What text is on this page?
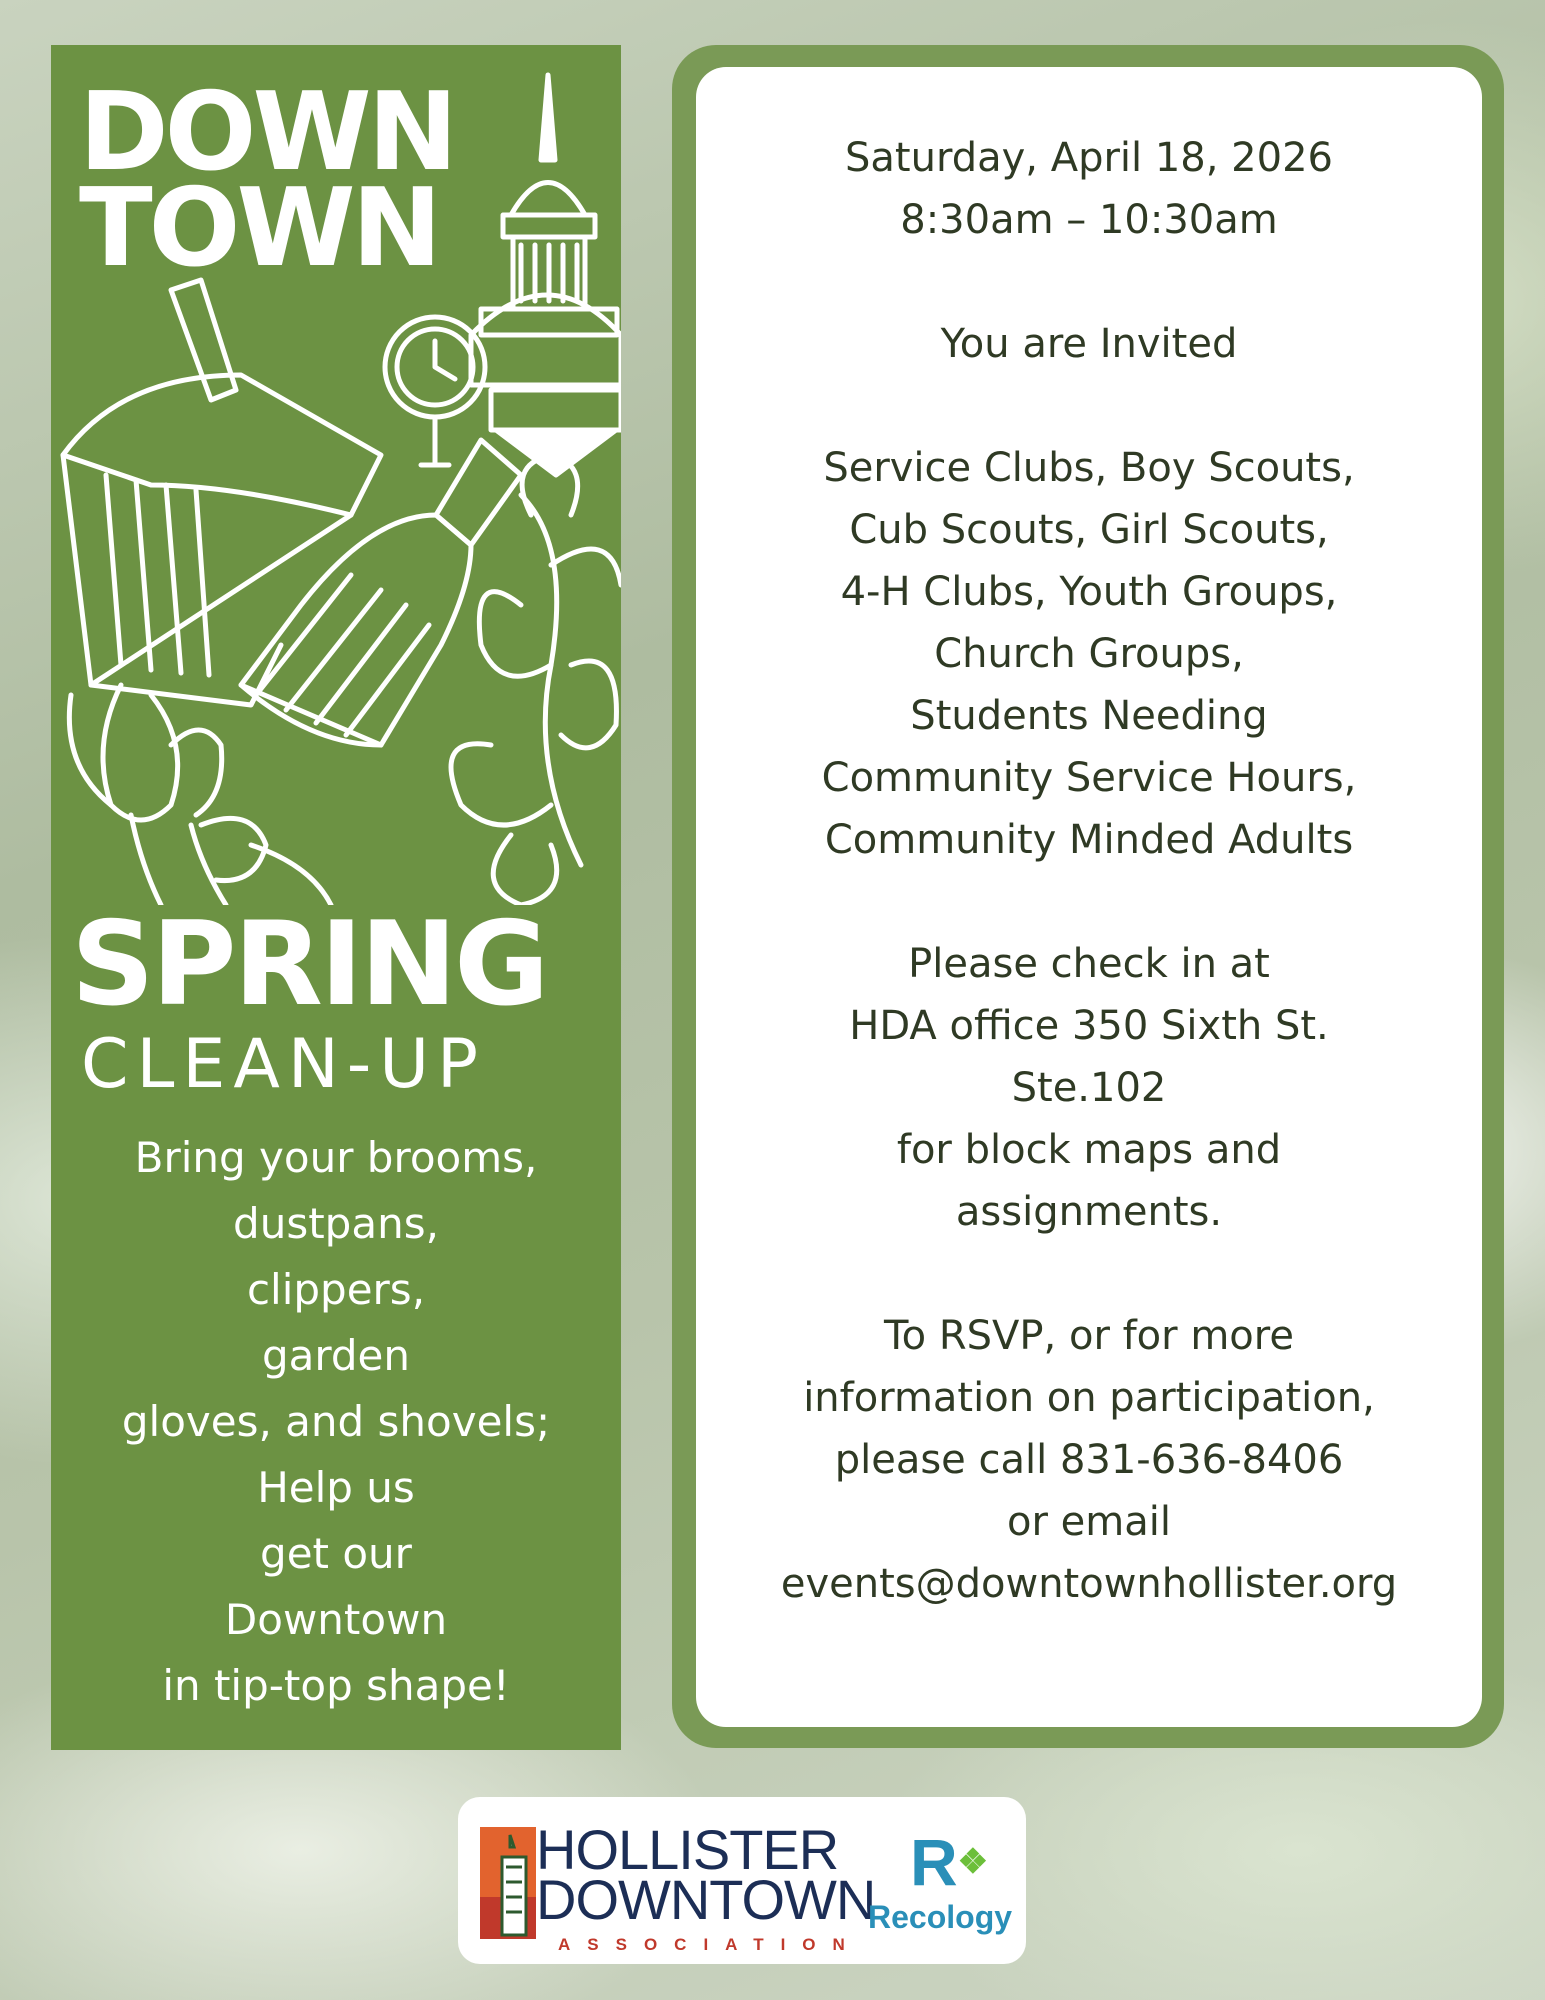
DOWN
TOWN
SPRING
CLEAN-UP
Bring your brooms,
dustpans,
clippers,
garden
gloves, and shovels;
Help us
get our
Downtown
in tip-top shape!
Saturday, April 18, 2026
8:30am – 10:30am
You are Invited
Service Clubs, Boy Scouts,
Cub Scouts, Girl Scouts,
4-H Clubs, Youth Groups,
Church Groups,
Students Needing
Community Service Hours,
Community Minded Adults
Please check in at
HDA office 350 Sixth St.
Ste.102
for block maps and
assignments.
To RSVP, or for more
information on participation,
please call 831-636-8406
or email
events@downtownhollister.org
HOLLISTER
DOWNTOWN
ASSOCIATION
R❖
Recology
